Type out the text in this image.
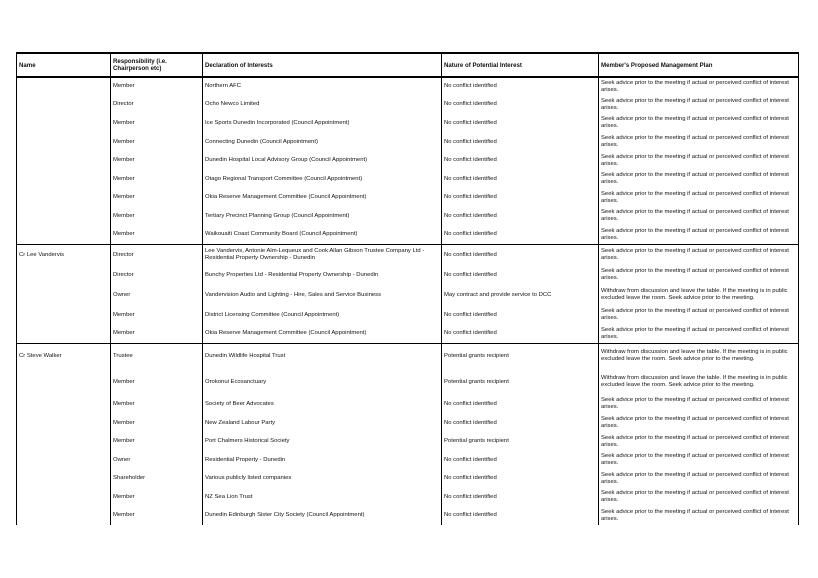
Name	Responsibility (i.e. Chairperson etc)	Declaration of Interests	Nature of Potential Interest	Member's Proposed Management Plan
	Member	Northern AFC	No conflict identified	Seek advice prior to the meeting if actual or perceived conflict of interest arises.
	Director	Ocho Newco Limited	No conflict identified	Seek advice prior to the meeting if actual or perceived conflict of interest arises.
	Member	Ice Sports Dunedin Incorporated (Council Appointment)	No conflict identified	Seek advice prior to the meeting if actual or perceived conflict of interest arises.
	Member	Connecting Dunedin (Council Appointment)	No conflict identified	Seek advice prior to the meeting if actual or perceived conflict of interest arises.
	Member	Dunedin Hospital Local Advisory Group (Council Appointment)	No conflict identified	Seek advice prior to the meeting if actual or perceived conflict of interest arises.
	Member	Otago Regional Transport Committee (Council Appointment)	No conflict identified	Seek advice prior to the meeting if actual or perceived conflict of interest arises.
	Member	Okia Reserve Management Committee (Council Appointment)	No conflict identified	Seek advice prior to the meeting if actual or perceived conflict of interest arises.
	Member	Tertiary Precinct Planning Group (Council Appointment)	No conflict identified	Seek advice prior to the meeting if actual or perceived conflict of interest arises.
	Member	Waikouaiti Coast Community Board (Council Appointment)	No conflict identified	Seek advice prior to the meeting if actual or perceived conflict of interest arises.
Cr Lee Vandervis	Director	Lee Vandervis, Antonie Alm-Lequeux and Cook Allan Gibson Trustee Company Ltd - Residential Property Ownership - Dunedin	No conflict identified	Seek advice prior to the meeting if actual or perceived conflict of interest arises.
	Director	Bunchy Properties Ltd - Residential Property Ownership - Dunedin	No conflict identified	Seek advice prior to the meeting if actual or perceived conflict of interest arises.
	Owner	Vandervision Audio and Lighting - Hire, Sales and Service Business	May contract and provide service to DCC	Withdraw from discussion and leave the table. If the meeting is in public excluded leave the room. Seek advice prior to the meeting.
	Member	District Licensing Committee (Council Appointment)	No conflict identified	Seek advice prior to the meeting if actual or perceived conflict of interest arises.
	Member	Okia Reserve Management Committee (Council Appointment)	No conflict identified	Seek advice prior to the meeting if actual or perceived conflict of interest arises.
Cr Steve Walker	Trustee	Dunedin Wildlife Hospital Trust	Potential grants recipient	Withdraw from discussion and leave the table. If the meeting is in public excluded leave the room. Seek advice prior to the meeting.
	Member	Orokonui Ecosanctuary	Potential grants recipient	Withdraw from discussion and leave the table. If the meeting is in public excluded leave the room. Seek advice prior to the meeting.
	Member	Society of Beer Advocates	No conflict identified	Seek advice prior to the meeting if actual or perceived conflict of interest arises.
	Member	New Zealand Labour Party	No conflict identified	Seek advice prior to the meeting if actual or perceived conflict of interest arises.
	Member	Port Chalmers Historical Society	Potential grants recipient	Seek advice prior to the meeting if actual or perceived conflict of interest arises.
	Owner	Residential Property - Dunedin	No conflict identified	Seek advice prior to the meeting if actual or perceived conflict of interest arises.
	Shareholder	Various publicly listed companies	No conflict identified	Seek advice prior to the meeting if actual or perceived conflict of interest arises.
	Member	NZ Sea Lion Trust	No conflict identified	Seek advice prior to the meeting if actual or perceived conflict of interest arises.
	Member	Dunedin Edinburgh Sister City Society (Council Appointment)	No conflict identified	Seek advice prior to the meeting if actual or perceived conflict of interest arises.
